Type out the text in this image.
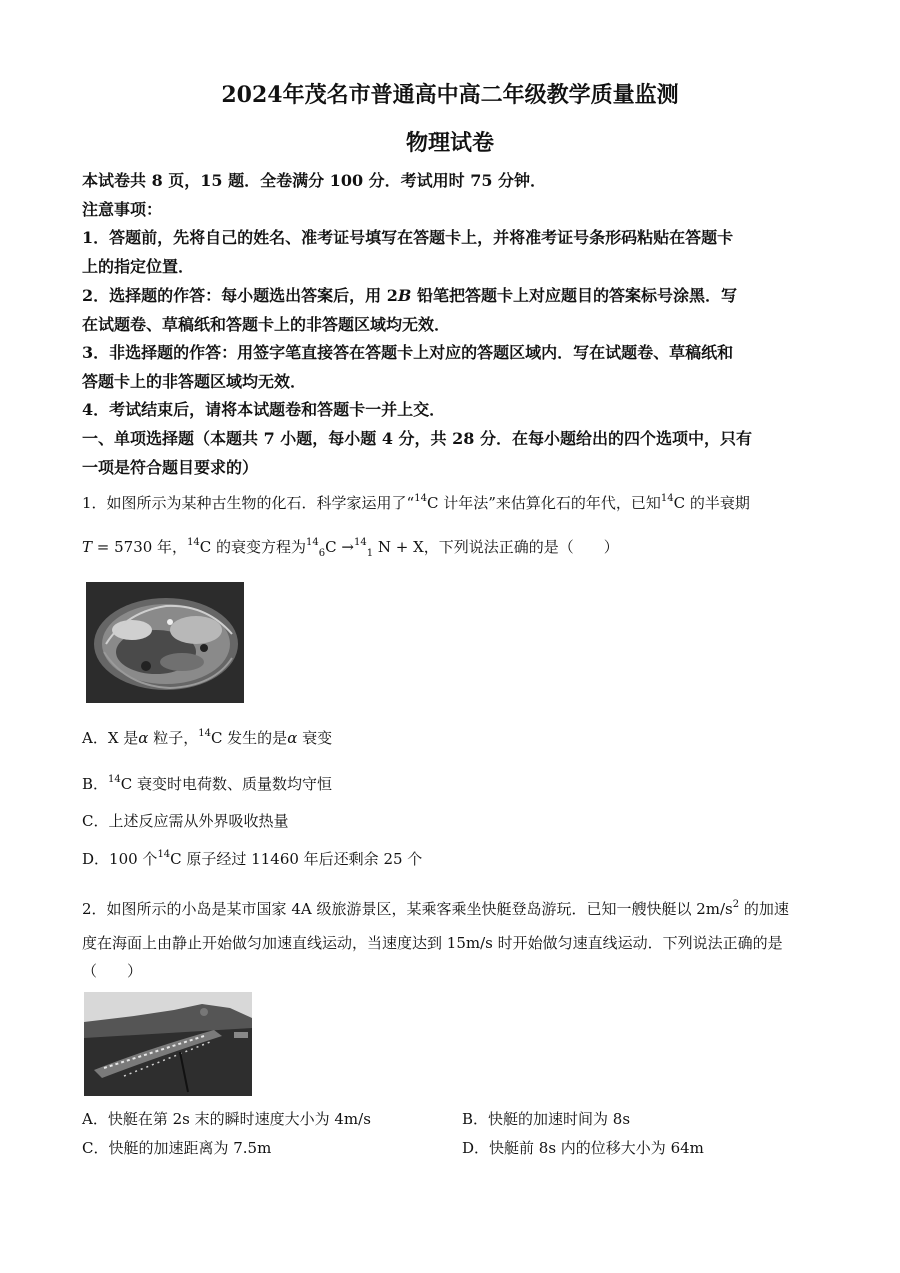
2024年茂名市普通高中高二年级教学质量监测
物理试卷
本试卷共 8 页，15 题．全卷满分 100 分．考试用时 75 分钟．
注意事项：
1．答题前，先将自己的姓名、准考证号填写在答题卡上，并将准考证号条形码粘贴在答题卡
上的指定位置．
2．选择题的作答：每小题选出答案后，用 2B 铅笔把答题卡上对应题目的答案标号涂黑．写
在试题卷、草稿纸和答题卡上的非答题区域均无效．
3．非选择题的作答：用签字笔直接答在答题卡上对应的答题区域内．写在试题卷、草稿纸和
答题卡上的非答题区域均无效．
4．考试结束后，请将本试题卷和答题卡一并上交．
一、单项选择题（本题共 7 小题，每小题 4 分，共 28 分．在每小题给出的四个选项中，只有
一项是符合题目要求的）
1．如图所示为某种古生物的化石．科学家运用了“$^{14}$C 计年法”来估算化石的年代，已知$^{14}$C 的半衰期
T = 5730 年，$^{14}$C 的衰变方程为$^{14}_6$C →$^{14}_1$ N + X，下列说法正确的是（　　）
A．X 是α 粒子，$^{14}$C 发生的是α 衰变
B．$^{14}$C 衰变时电荷数、质量数均守恒
C．上述反应需从外界吸收热量
D．100 个$^{14}$C 原子经过 11460 年后还剩余 25 个
2．如图所示的小岛是某市国家 4A 级旅游景区，某乘客乘坐快艇登岛游玩．已知一艘快艇以 $2m/s^2$ 的加速
度在海面上由静止开始做匀加速直线运动，当速度达到 15m/s 时开始做匀速直线运动．下列说法正确的是
（　　）
A．快艇在第 2s 末的瞬时速度大小为 4m/s	B．快艇的加速时间为 8s
C．快艇的加速距离为 7.5m	D．快艇前 8s 内的位移大小为 64m
